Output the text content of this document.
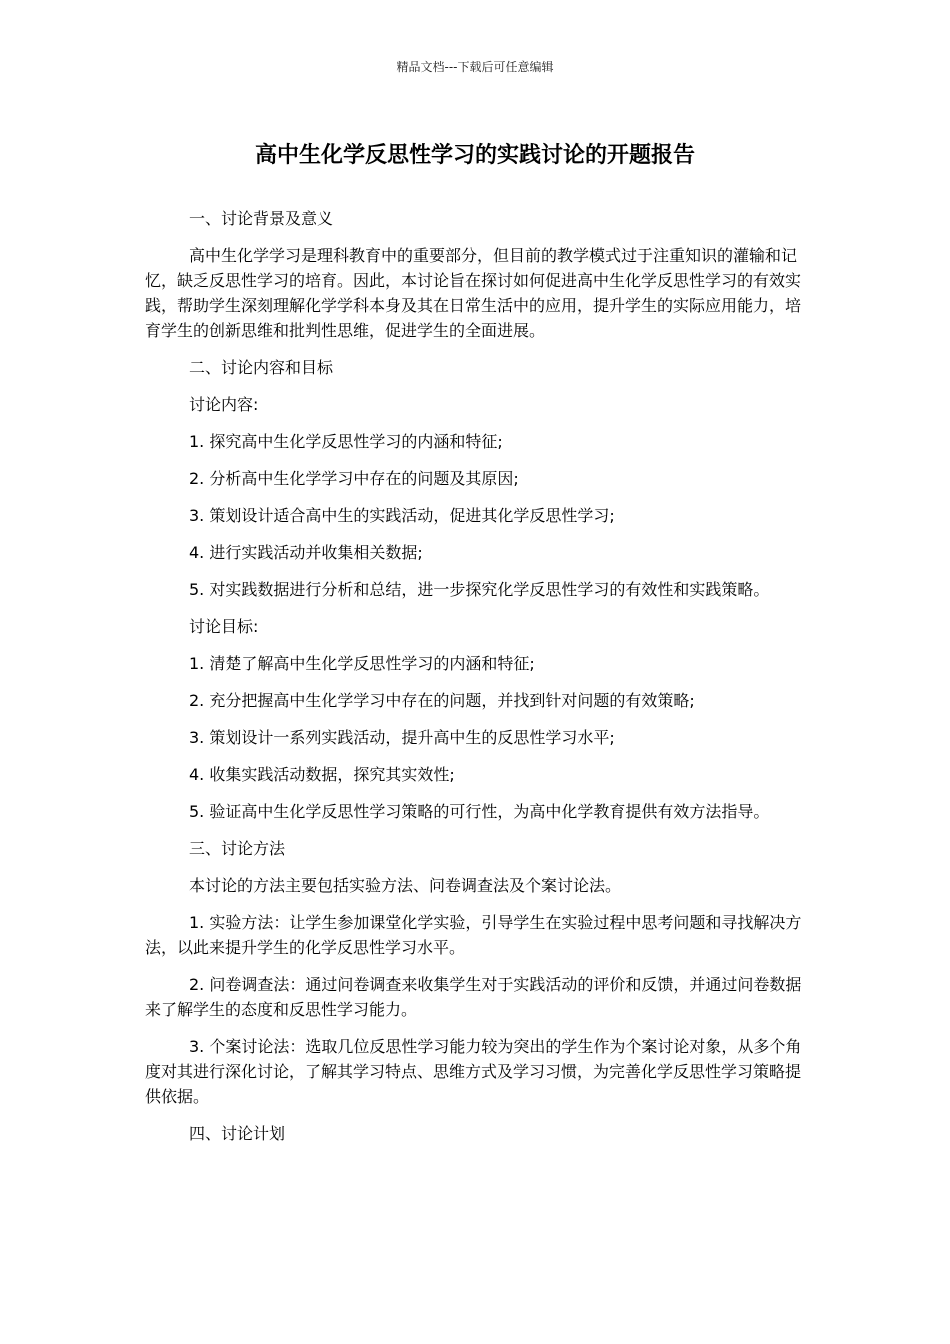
精品文档---下载后可任意编辑
高中生化学反思性学习的实践讨论的开题报告

一、讨论背景及意义

高中生化学学习是理科教育中的重要部分，但目前的教学模式过于注重知识的灌输和记忆，缺乏反思性学习的培育。因此，本讨论旨在探讨如何促进高中生化学反思性学习的有效实践，帮助学生深刻理解化学学科本身及其在日常生活中的应用，提升学生的实际应用能力，培育学生的创新思维和批判性思维，促进学生的全面进展。

二、讨论内容和目标

讨论内容:

1. 探究高中生化学反思性学习的内涵和特征;

2. 分析高中生化学学习中存在的问题及其原因;

3. 策划设计适合高中生的实践活动，促进其化学反思性学习;

4. 进行实践活动并收集相关数据;

5. 对实践数据进行分析和总结，进一步探究化学反思性学习的有效性和实践策略。

讨论目标:

1. 清楚了解高中生化学反思性学习的内涵和特征;

2. 充分把握高中生化学学习中存在的问题，并找到针对问题的有效策略;

3. 策划设计一系列实践活动，提升高中生的反思性学习水平;

4. 收集实践活动数据，探究其实效性;

5. 验证高中生化学反思性学习策略的可行性，为高中化学教育提供有效方法指导。

三、讨论方法

本讨论的方法主要包括实验方法、问卷调查法及个案讨论法。

1. 实验方法：让学生参加课堂化学实验，引导学生在实验过程中思考问题和寻找解决方法，以此来提升学生的化学反思性学习水平。

2. 问卷调查法：通过问卷调查来收集学生对于实践活动的评价和反馈，并通过问卷数据来了解学生的态度和反思性学习能力。

3. 个案讨论法：选取几位反思性学习能力较为突出的学生作为个案讨论对象，从多个角度对其进行深化讨论，了解其学习特点、思维方式及学习习惯，为完善化学反思性学习策略提供依据。

四、讨论计划
